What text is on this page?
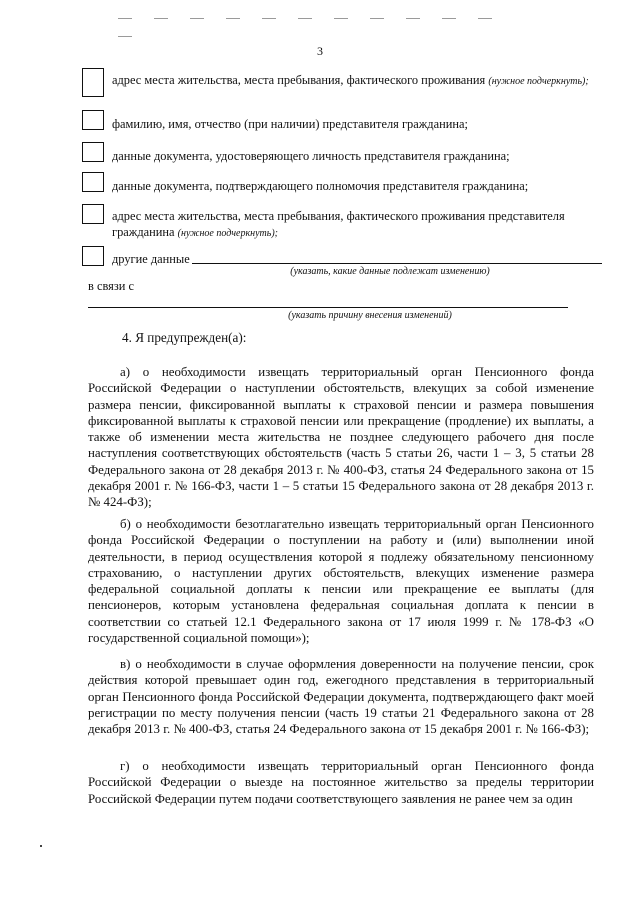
3
адрес места жительства, места пребывания, фактического проживания (нужное подчеркнуть);
фамилию, имя, отчество (при наличии) представителя гражданина;
данные документа, удостоверяющего личность представителя гражданина;
данные документа, подтверждающего полномочия представителя гражданина;
адрес места жительства, места пребывания, фактического проживания представителя гражданина (нужное подчеркнуть);
другие данные
(указать, какие данные подлежат изменению)
в связи с
(указать причину внесения изменений)
4. Я предупрежден(а):

а) о необходимости извещать территориальный орган Пенсионного фонда Российской Федерации о наступлении обстоятельств, влекущих за собой изменение размера пенсии, фиксированной выплаты к страховой пенсии и размера повышения фиксированной выплаты к страховой пенсии или прекращение (продление) их выплаты, а также об изменении места жительства не позднее следующего рабочего дня после наступления соответствующих обстоятельств (часть 5 статьи 26, части 1 – 3, 5 статьи 28 Федерального закона от 28 декабря 2013 г. № 400-ФЗ, статья 24 Федерального закона от 15 декабря 2001 г. № 166-ФЗ, части 1 – 5 статьи 15 Федерального закона от 28 декабря 2013 г. № 424-ФЗ);

б) о необходимости безотлагательно извещать территориальный орган Пенсионного фонда Российской Федерации о поступлении на работу и (или) выполнении иной деятельности, в период осуществления которой я подлежу обязательному пенсионному страхованию, о наступлении других обстоятельств, влекущих изменение размера федеральной социальной доплаты к пенсии или прекращение ее выплаты (для пенсионеров, которым установлена федеральная социальная доплата к пенсии в соответствии со статьей 12.1 Федерального закона от 17 июля 1999 г. № 178-ФЗ «О государственной социальной помощи»);

в) о необходимости в случае оформления доверенности на получение пенсии, срок действия которой превышает один год, ежегодного представления в территориальный орган Пенсионного фонда Российской Федерации документа, подтверждающего факт моей регистрации по месту получения пенсии (часть 19 статьи 21 Федерального закона от 28 декабря 2013 г. № 400-ФЗ, статья 24 Федерального закона от 15 декабря 2001 г. № 166-ФЗ);

г) о необходимости извещать территориальный орган Пенсионного фонда Российской Федерации о выезде на постоянное жительство за пределы территории Российской Федерации путем подачи соответствующего заявления не ранее чем за один
